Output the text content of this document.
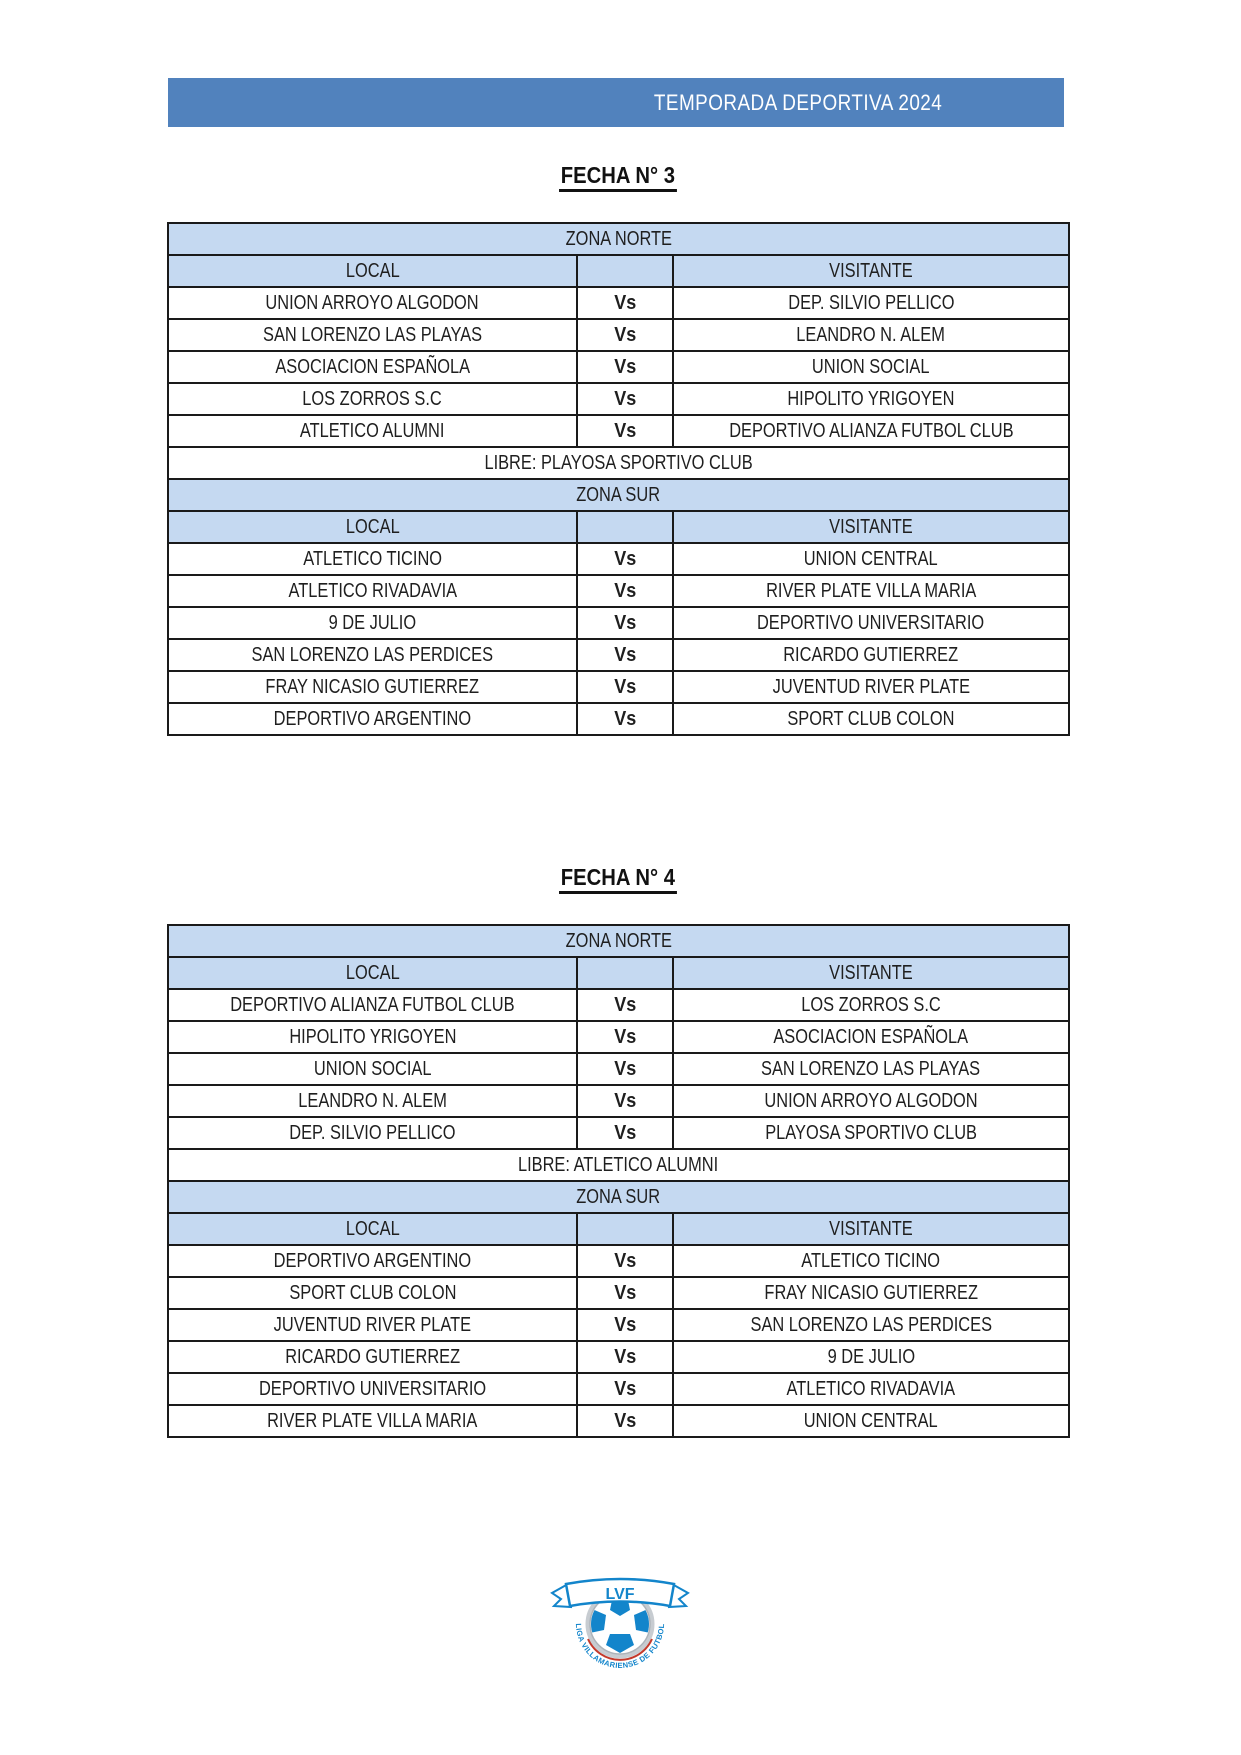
TEMPORADA DEPORTIVA 2024
FECHA N° 3
ZONA NORTE		
LOCAL		VISITANTE
UNION ARROYO ALGODON	Vs	DEP. SILVIO PELLICO
SAN LORENZO LAS PLAYAS	Vs	LEANDRO N. ALEM
ASOCIACION ESPAÑOLA	Vs	UNION SOCIAL
LOS ZORROS S.C	Vs	HIPOLITO YRIGOYEN
ATLETICO ALUMNI	Vs	DEPORTIVO ALIANZA FUTBOL CLUB
LIBRE: PLAYOSA SPORTIVO CLUB		
ZONA SUR		
LOCAL		VISITANTE
ATLETICO TICINO	Vs	UNION CENTRAL
ATLETICO RIVADAVIA	Vs	RIVER PLATE VILLA MARIA
9 DE JULIO	Vs	DEPORTIVO UNIVERSITARIO
SAN LORENZO LAS PERDICES	Vs	RICARDO GUTIERREZ
FRAY NICASIO GUTIERREZ	Vs	JUVENTUD RIVER PLATE
DEPORTIVO ARGENTINO	Vs	SPORT CLUB COLON
FECHA N° 4
ZONA NORTE		
LOCAL		VISITANTE
DEPORTIVO ALIANZA FUTBOL CLUB	Vs	LOS ZORROS S.C
HIPOLITO YRIGOYEN	Vs	ASOCIACION ESPAÑOLA
UNION SOCIAL	Vs	SAN LORENZO LAS PLAYAS
LEANDRO N. ALEM	Vs	UNION ARROYO ALGODON
DEP. SILVIO PELLICO	Vs	PLAYOSA SPORTIVO CLUB
LIBRE: ATLETICO ALUMNI		
ZONA SUR		
LOCAL		VISITANTE
DEPORTIVO ARGENTINO	Vs	ATLETICO TICINO
SPORT CLUB COLON	Vs	FRAY NICASIO GUTIERREZ
JUVENTUD RIVER PLATE	Vs	SAN LORENZO LAS PERDICES
RICARDO GUTIERREZ	Vs	9 DE JULIO
DEPORTIVO UNIVERSITARIO	Vs	ATLETICO RIVADAVIA
RIVER PLATE VILLA MARIA	Vs	UNION CENTRAL
LVF
LIGA VILLAMARIENSE DE FUTBOL
